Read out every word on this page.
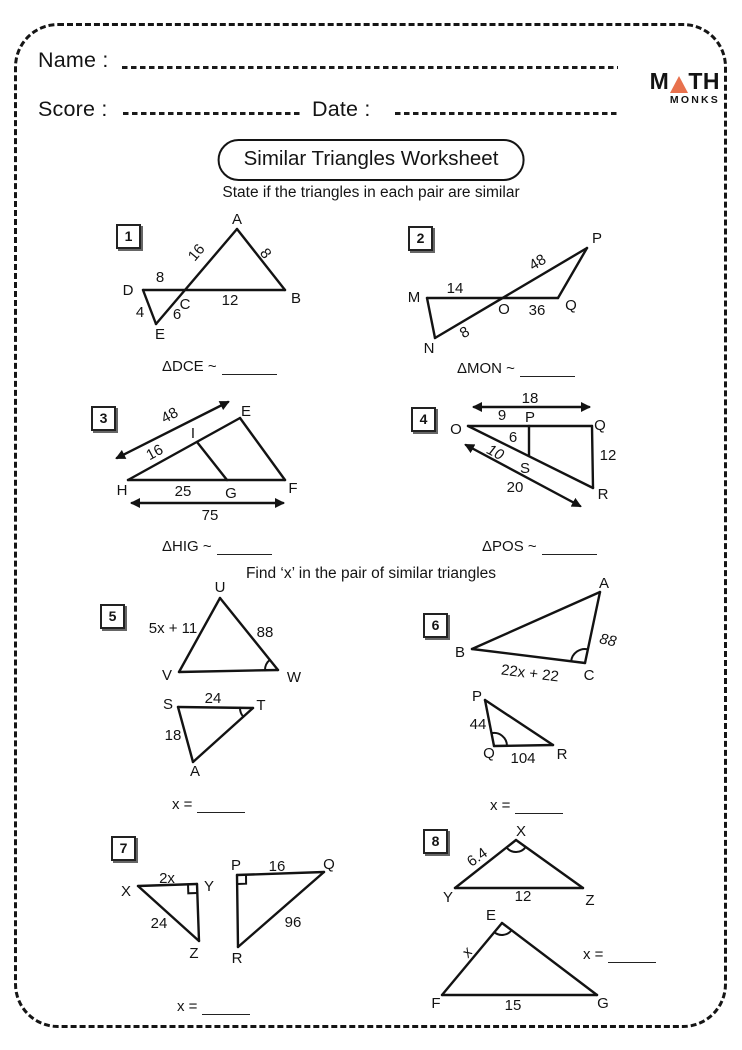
Name :
Score :	Date :
M TH
MONKS
Similar Triangles Worksheet
State if the triangles in each pair are similar
Find ‘x’ in the pair of similar triangles
1	2
3	4
5
6
7	8
A
B
D
C
E
16	8
8
12
4 6
M
N
O	Q
P
14
48
8
36
H
E
F
I
G
48
16
25
75
O
P	Q
S
R
18
9
6
12
10
20
U
V	W
5x + 11	88
S	T
A
24
18
A
B
C
88
22x + 22
P
Q	R
44
104
X	Y
Z
2x
24
P	Q
R
16
96
X
Y	Z
6.4
12
E
F	G
x
15
ΔDCE ~	ΔMON ~
ΔHIG ~	ΔPOS ~
x =	x =
x =
x =
